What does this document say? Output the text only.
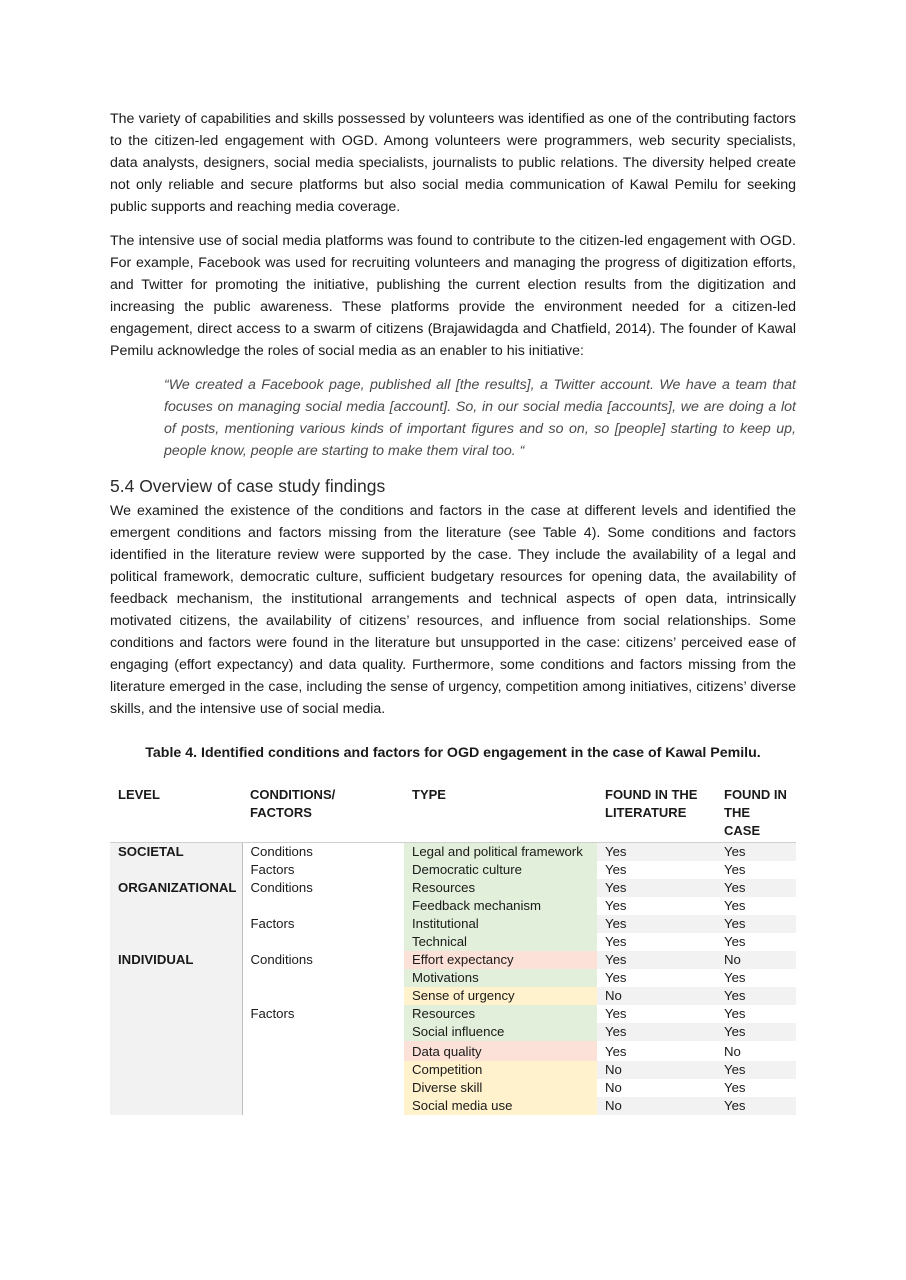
The variety of capabilities and skills possessed by volunteers was identified as one of the contributing factors to the citizen-led engagement with OGD. Among volunteers were programmers, web security specialists, data analysts, designers, social media specialists, journalists to public relations. The diversity helped create not only reliable and secure platforms but also social media communication of Kawal Pemilu for seeking public supports and reaching media coverage.

The intensive use of social media platforms was found to contribute to the citizen-led engagement with OGD. For example, Facebook was used for recruiting volunteers and managing the progress of digitization efforts, and Twitter for promoting the initiative, publishing the current election results from the digitization and increasing the public awareness. These platforms provide the environment needed for a citizen-led engagement, direct access to a swarm of citizens (Brajawidagda and Chatfield, 2014). The founder of Kawal Pemilu acknowledge the roles of social media as an enabler to his initiative:

“We created a Facebook page, published all [the results], a Twitter account. We have a team that focuses on managing social media [account]. So, in our social media [accounts], we are doing a lot of posts, mentioning various kinds of important figures and so on, so [people] starting to keep up, people know, people are starting to make them viral too. “
5.4 Overview of case study findings

We examined the existence of the conditions and factors in the case at different levels and identified the emergent conditions and factors missing from the literature (see Table 4). Some conditions and factors identified in the literature review were supported by the case. They include the availability of a legal and political framework, democratic culture, sufficient budgetary resources for opening data, the availability of feedback mechanism, the institutional arrangements and technical aspects of open data, intrinsically motivated citizens, the availability of citizens’ resources, and influence from social relationships. Some conditions and factors were found in the literature but unsupported in the case: citizens’ perceived ease of engaging (effort expectancy) and data quality. Furthermore, some conditions and factors missing from the literature emerged in the case, including the sense of urgency, competition among initiatives, citizens’ diverse skills, and the intensive use of social media.

Table 4. Identified conditions and factors for OGD engagement in the case of Kawal Pemilu.
LEVEL	CONDITIONS/ FACTORS	TYPE	FOUND IN THE LITERATURE	FOUND IN THE CASE
SOCIETAL	Conditions	Legal and political framework	Yes	Yes
	Factors	Democratic culture	Yes	Yes
ORGANIZATIONAL	Conditions	Resources	Yes	Yes
		Feedback mechanism	Yes	Yes
	Factors	Institutional	Yes	Yes
		Technical	Yes	Yes
INDIVIDUAL	Conditions	Effort expectancy	Yes	No
		Motivations	Yes	Yes
		Sense of urgency	No	Yes
	Factors	Resources	Yes	Yes
		Social influence	Yes	Yes
		Data quality	Yes	No
		Competition	No	Yes
		Diverse skill	No	Yes
		Social media use	No	Yes
